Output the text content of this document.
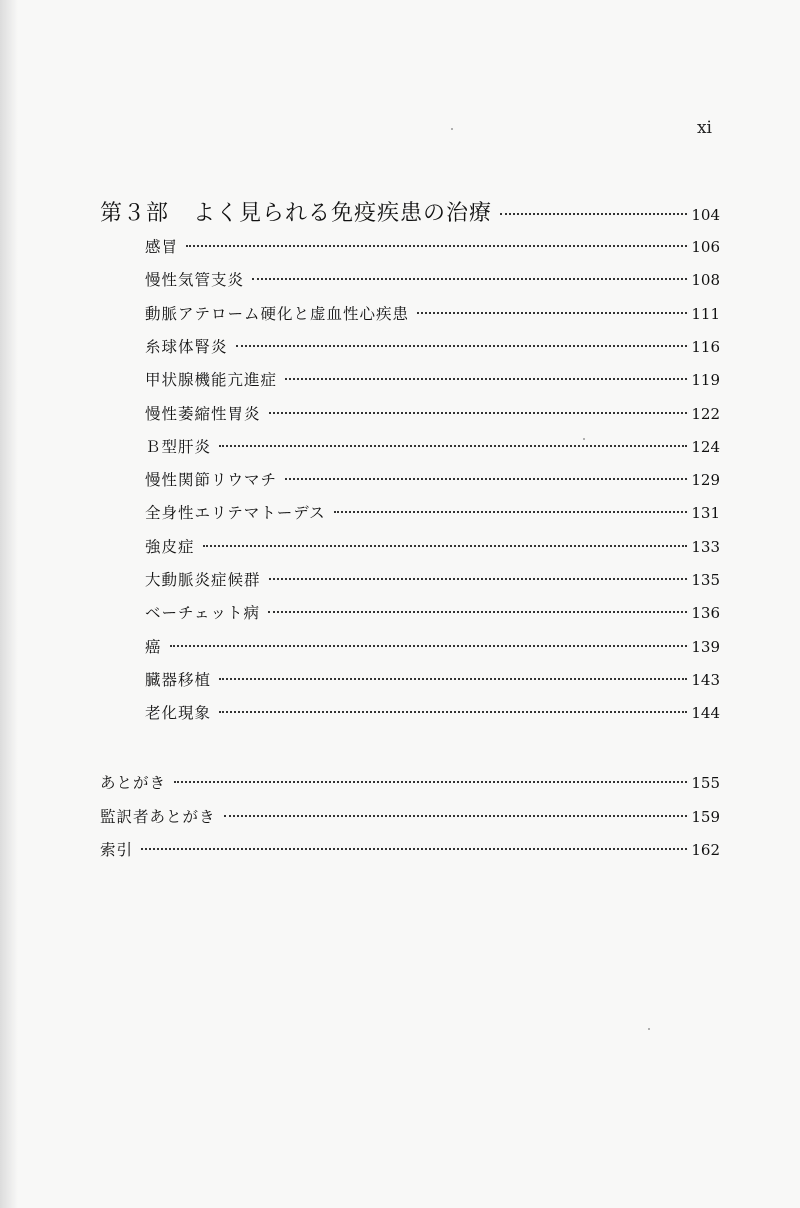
xi
第３部 よく見られる免疫疾患の治療	104
感冒	106
慢性気管支炎	108
動脈アテローム硬化と虚血性心疾患	111
糸球体腎炎	116
甲状腺機能亢進症	119
慢性萎縮性胃炎	122
Ｂ型肝炎	124
慢性関節リウマチ	129
全身性エリテマトーデス	131
強皮症	133
大動脈炎症候群	135
ベーチェット病	136
癌	139
臓器移植	143
老化現象	144
あとがき	155
監訳者あとがき	159
索引	162
